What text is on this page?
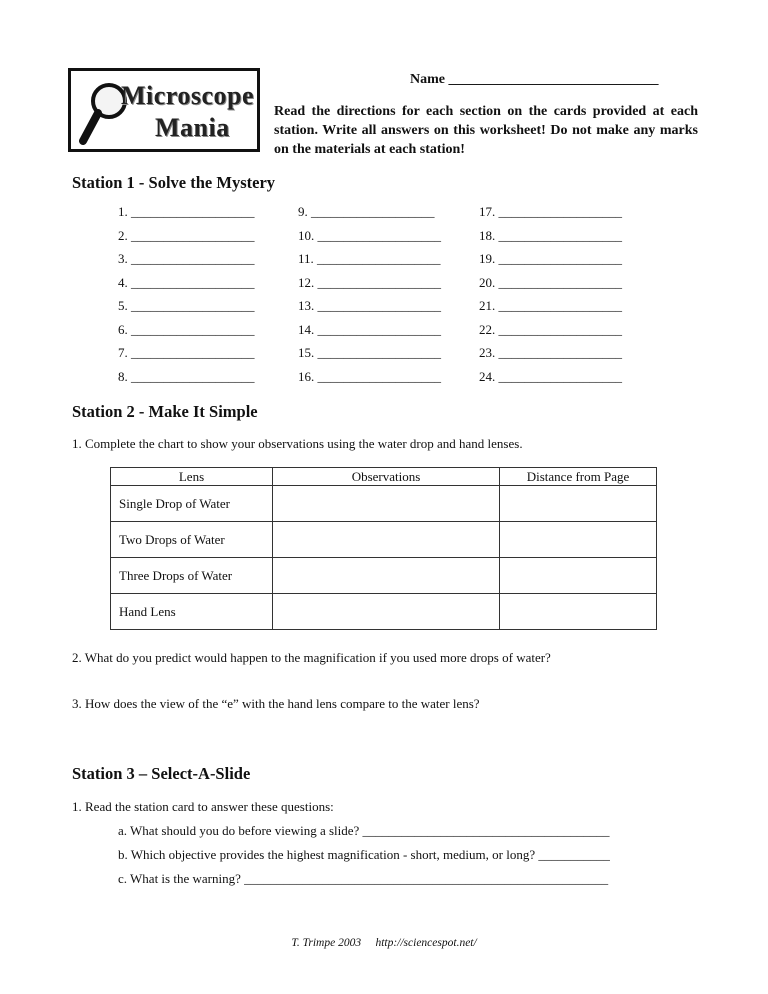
Microscope
Mania
Name ______________________________
Read the directions for each section on the cards provided at each station. Write all answers on this worksheet! Do not make any marks on the materials at each station!
Station 1 - Solve the Mystery
1. ___________________
2. ___________________
3. ___________________
4. ___________________
5. ___________________
6. ___________________
7. ___________________
8. ___________________
9. ___________________
10. ___________________
11. ___________________
12. ___________________
13. ___________________
14. ___________________
15. ___________________
16. ___________________
17. ___________________
18. ___________________
19. ___________________
20. ___________________
21. ___________________
22. ___________________
23. ___________________
24. ___________________
Station 2 - Make It Simple
1. Complete the chart to show your observations using the water drop and hand lenses.
Lens	Observations	Distance from Page
Single Drop of Water		
Two Drops of Water		
Three Drops of Water		
Hand Lens		
2. What do you predict would happen to the magnification if you used more drops of water?
3. How does the view of the “e” with the hand lens compare to the water lens?
Station 3 – Select-A-Slide
1. Read the station card to answer these questions:
a. What should you do before viewing a slide? ______________________________________
b. Which objective provides the highest magnification - short, medium, or long? ___________
c. What is the warning? ________________________________________________________
T. Trimpe 2003     http://sciencespot.net/
